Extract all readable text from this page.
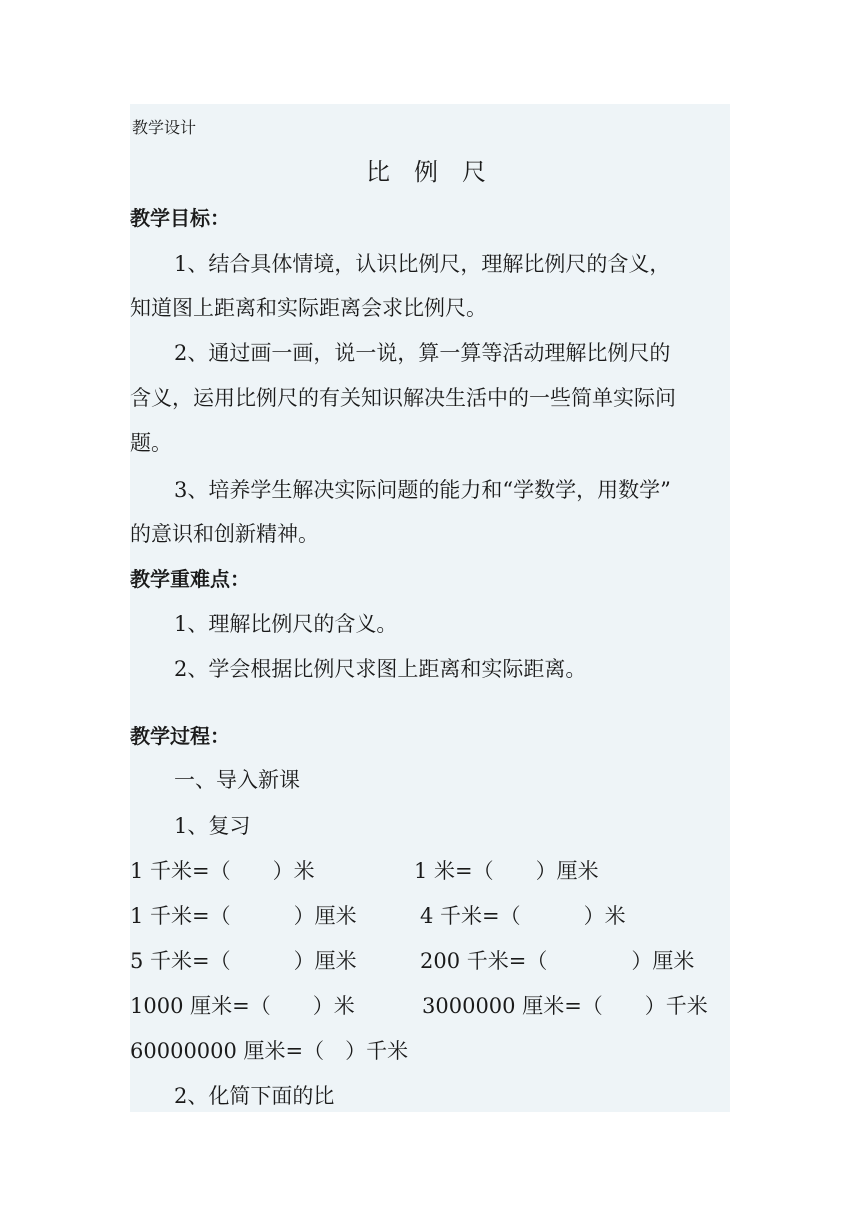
教学设计
比　例　尺
教学目标：
1、结合具体情境，认识比例尺，理解比例尺的含义，
知道图上距离和实际距离会求比例尺。
2、通过画一画，说一说，算一算等活动理解比例尺的
含义，运用比例尺的有关知识解决生活中的一些简单实际问
题。
3、培养学生解决实际问题的能力和“学数学，用数学”
的意识和创新精神。
教学重难点：
1、理解比例尺的含义。
2、学会根据比例尺求图上距离和实际距离。
教学过程：
一、导入新课
1、复习
1 千米=（　　）米	1 米=（　　）厘米
1 千米=（　　　）厘米	4 千米=（　　　）米
5 千米=（　　　）厘米	200 千米=（　　　　）厘米
1000 厘米=（　　）米	3000000 厘米=（　　）千米
60000000 厘米=（　）千米
2、化简下面的比
